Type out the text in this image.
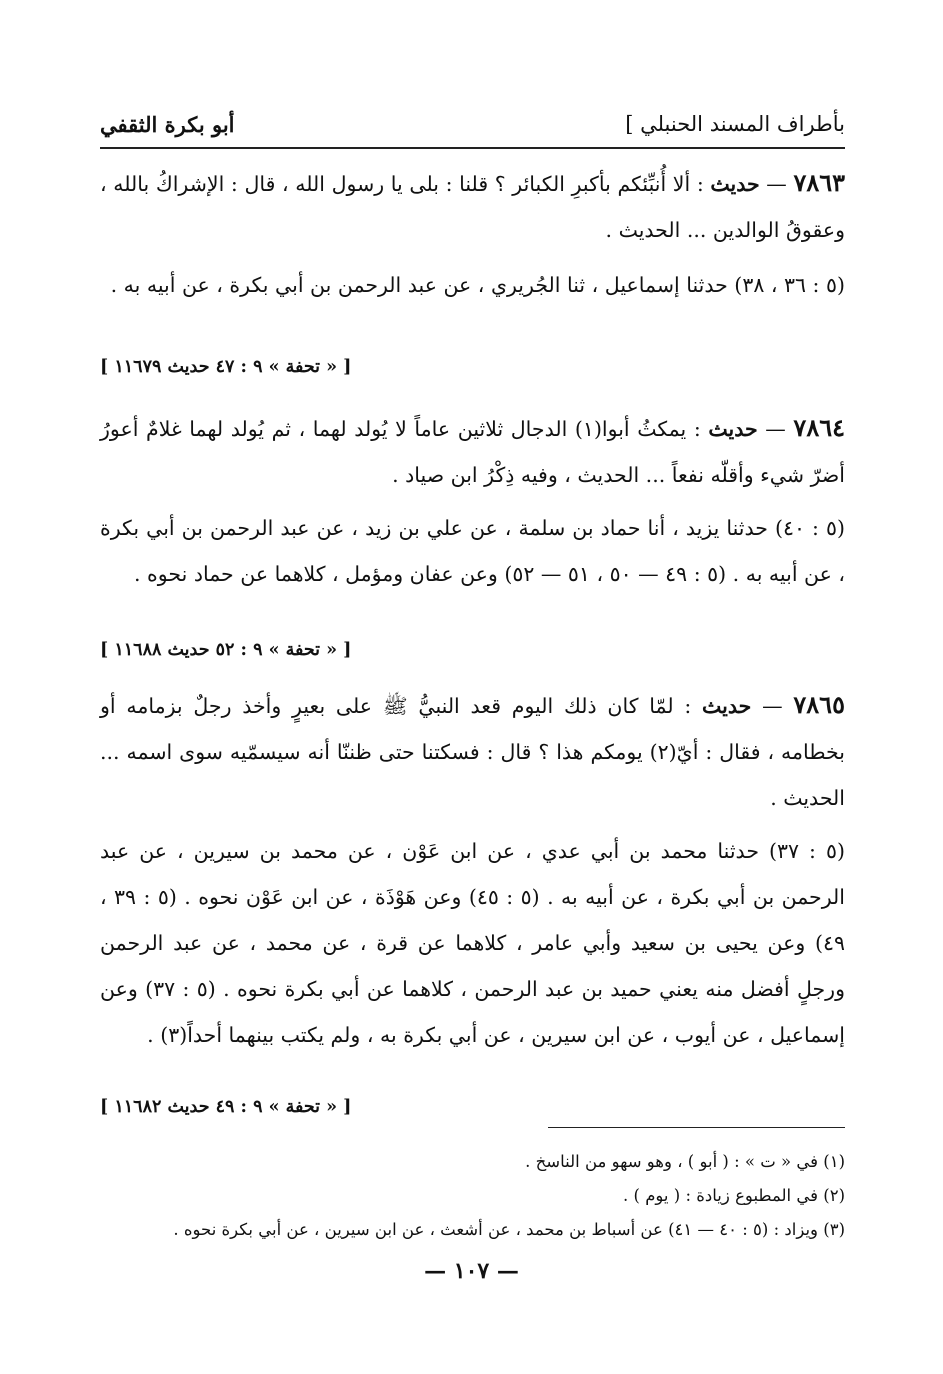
بأطراف المسند الحنبلي ]
أبو بكرة الثقفي
٧٨٦٣ — حديث : ألا أُنبِّئكم بأكبرِ الكبائر ؟ قلنا : بلى يا رسول الله ، قال : الإشراكُ بالله ، وعقوقُ الوالدين ... الحديث .
(٥ : ٣٦ ، ٣٨) حدثنا إسماعيل ، ثنا الجُريري ، عن عبد الرحمن بن أبي بكرة ، عن أبيه به .
[ « تحفة » ٩ : ٤٧ حديث ١١٦٧٩ ]
٧٨٦٤ — حديث : يمكثُ أبوا(١) الدجال ثلاثين عاماً لا يُولد لهما ، ثم يُولد لهما غلامٌ أعورُ أضرّ شيء وأقلّه نفعاً ... الحديث ، وفيه ذِكْرُ ابن صياد .
(٥ : ٤٠) حدثنا يزيد ، أنا حماد بن سلمة ، عن علي بن زيد ، عن عبد الرحمن بن أبي بكرة ، عن أبيه به . (٥ : ٤٩ — ٥٠ ، ٥١ — ٥٢) وعن عفان ومؤمل ، كلاهما عن حماد نحوه .
[ « تحفة » ٩ : ٥٢ حديث ١١٦٨٨ ]
٧٨٦٥ — حديث : لمّا كان ذلك اليوم قعد النبيُّ ﷺ على بعيرٍ وأخذ رجلٌ بزمامه أو بخطامه ، فقال : أيّ(٢) يومكم هذا ؟ قال : فسكتنا حتى ظننّا أنه سيسمّيه سوى اسمه ... الحديث .
(٥ : ٣٧) حدثنا محمد بن أبي عدي ، عن ابن عَوْن ، عن محمد بن سيرين ، عن عبد الرحمن بن أبي بكرة ، عن أبيه به . (٥ : ٤٥) وعن هَوْذَة ، عن ابن عَوْن نحوه . (٥ : ٣٩ ، ٤٩) وعن يحيى بن سعيد وأبي عامر ، كلاهما عن قرة ، عن محمد ، عن عبد الرحمن ورجلٍ أفضل منه يعني حميد بن عبد الرحمن ، كلاهما عن أبي بكرة نحوه . (٥ : ٣٧) وعن إسماعيل ، عن أيوب ، عن ابن سيرين ، عن أبي بكرة به ، ولم يكتب بينهما أحداً(٣) .
[ « تحفة » ٩ : ٤٩ حديث ١١٦٨٢ ]
(١) في « ت » : ( أبو ) ، وهو سهو من الناسخ .
(٢) في المطبوع زيادة : ( يوم ) .
(٣) ويزاد : (٥ : ٤٠ — ٤١) عن أسباط بن محمد ، عن أشعث ، عن ابن سيرين ، عن أبي بكرة نحوه .
— ١٠٧ —
